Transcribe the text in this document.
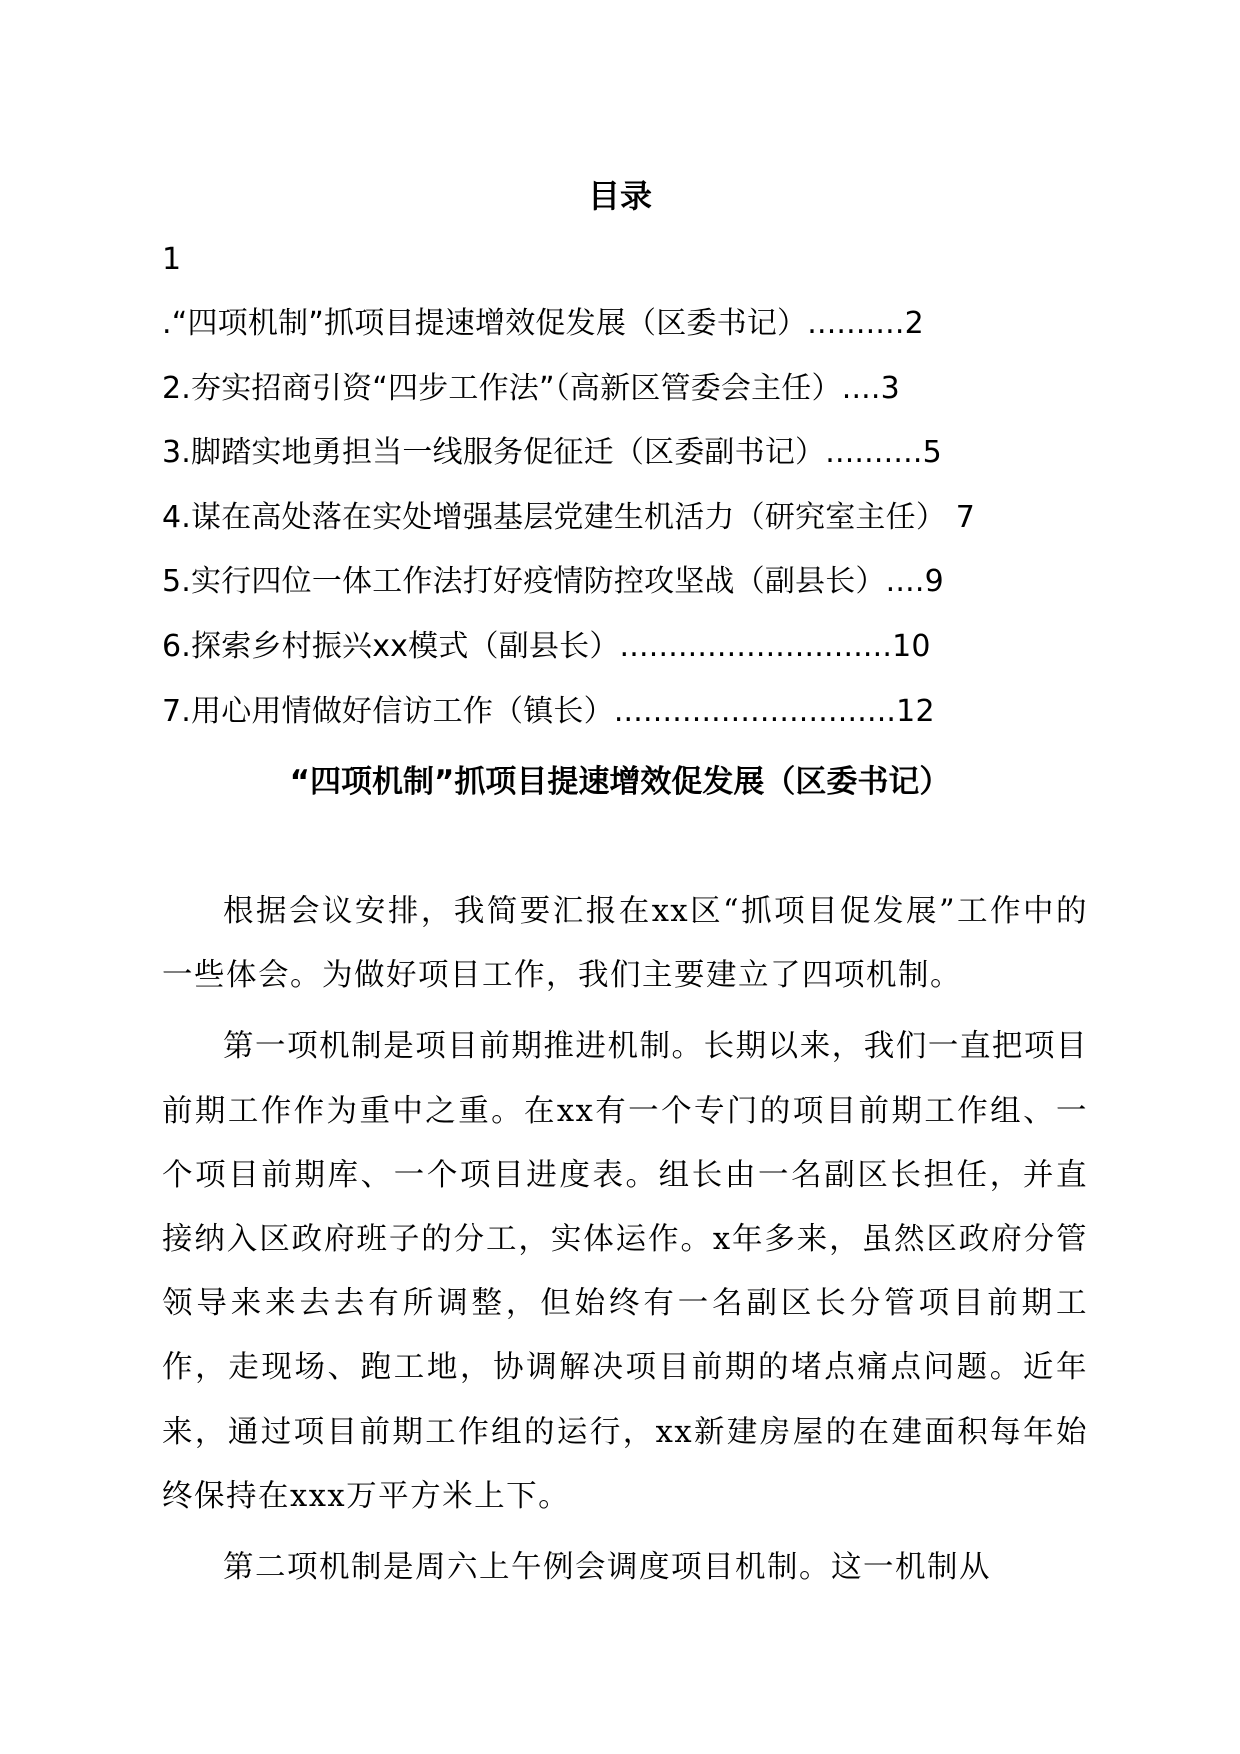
目录
1
.“四项机制”抓项目提速增效促发展（区委书记）..........2
2.夯实招商引资“四步工作法”（高新区管委会主任）....3
3.脚踏实地勇担当一线服务促征迁（区委副书记）..........5
4.谋在高处落在实处增强基层党建生机活力（研究室主任） 7
5.实行四位一体工作法打好疫情防控攻坚战（副县长）....9
6.探索乡村振兴xx模式（副县长）............................10
7.用心用情做好信访工作（镇长）.............................12
“四项机制”抓项目提速增效促发展（区委书记）

根据会议安排，我简要汇报在xx区“抓项目促发展”工作中的一些体会。为做好项目工作，我们主要建立了四项机制。

第一项机制是项目前期推进机制。长期以来，我们一直把项目前期工作作为重中之重。在xx有一个专门的项目前期工作组、一个项目前期库、一个项目进度表。组长由一名副区长担任，并直接纳入区政府班子的分工，实体运作。x年多来，虽然区政府分管领导来来去去有所调整，但始终有一名副区长分管项目前期工作，走现场、跑工地，协调解决项目前期的堵点痛点问题。近年来，通过项目前期工作组的运行，xx新建房屋的在建面积每年始终保持在xxx万平方米上下。

第二项机制是周六上午例会调度项目机制。这一机制从
